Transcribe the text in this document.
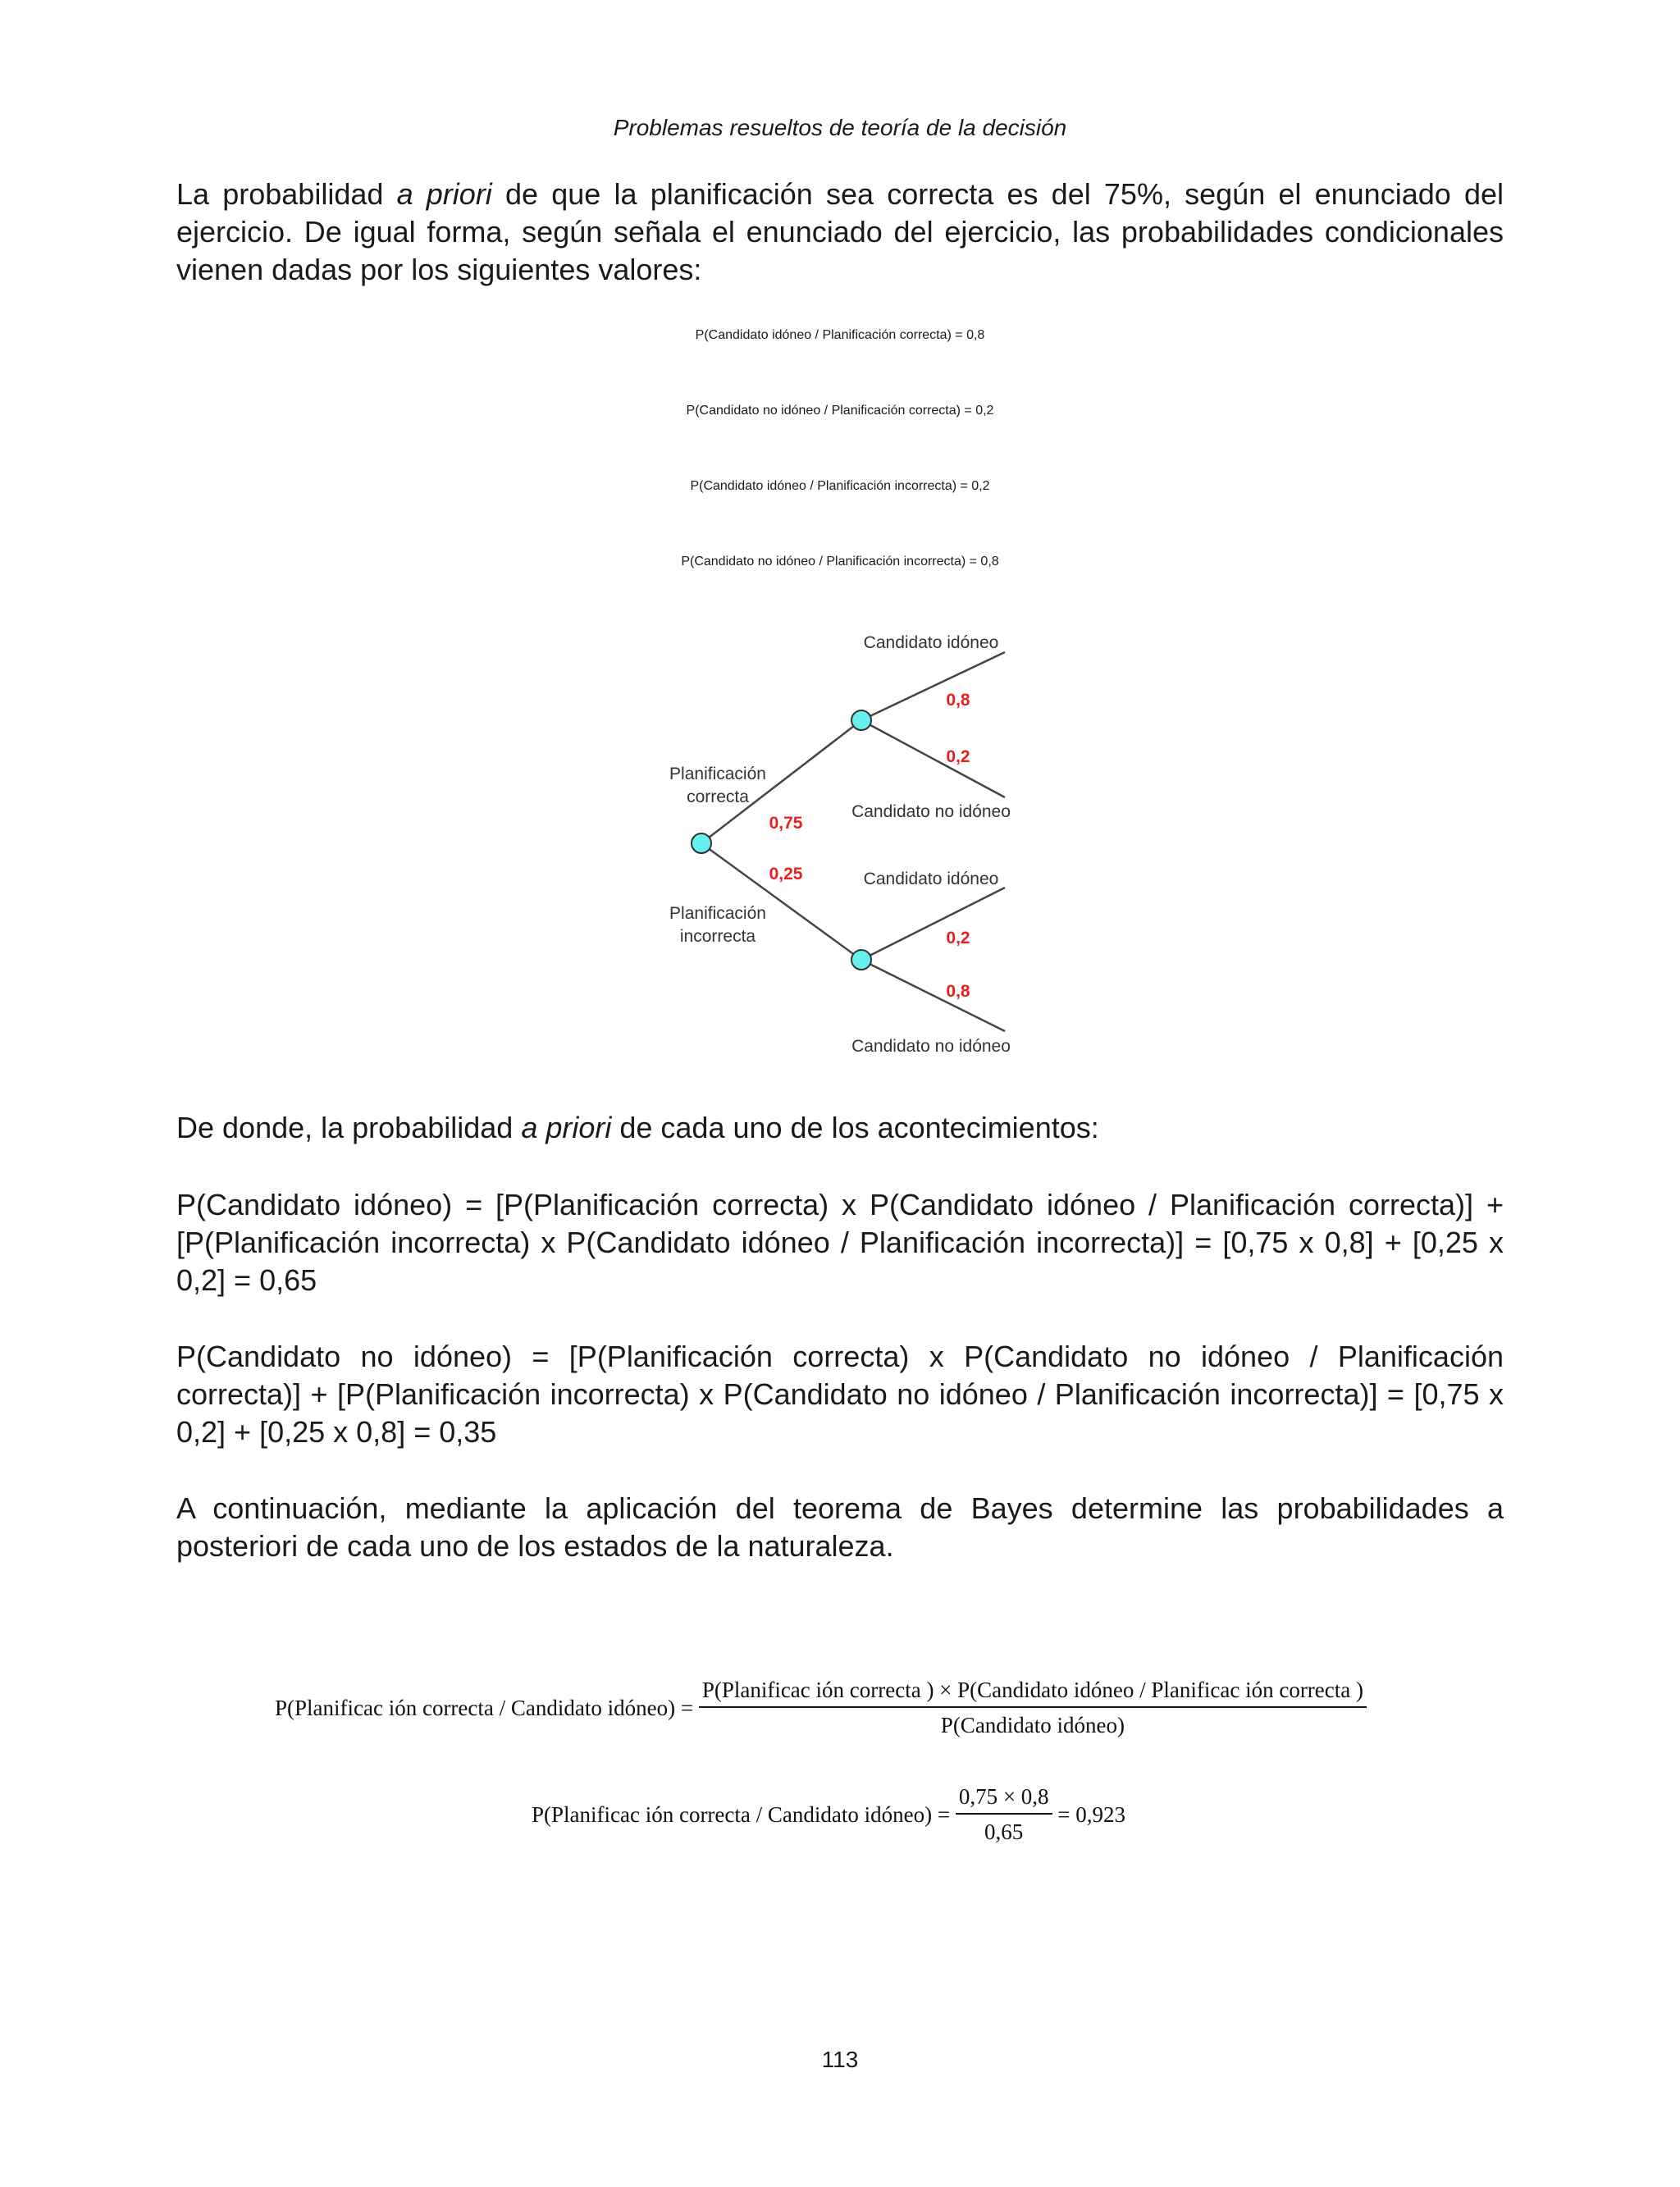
Problemas resueltos de teoría de la decisión
La probabilidad a priori de que la planificación sea correcta es del 75%, según el enunciado del ejercicio. De igual forma, según señala el enunciado del ejercicio, las probabilidades condicionales vienen dadas por los siguientes valores:
P(Candidato idóneo / Planificación correcta) = 0,8
P(Candidato no idóneo / Planificación correcta) = 0,2
P(Candidato idóneo / Planificación incorrecta) = 0,2
P(Candidato no idóneo / Planificación incorrecta) = 0,8
Planificación
correcta
0,75
0,25
Planificación
incorrecta
Candidato idóneo
0,8
0,2
Candidato no idóneo
Candidato idóneo
0,2
0,8
Candidato no idóneo
De donde, la probabilidad a priori de cada uno de los acontecimientos:
P(Candidato idóneo) = [P(Planificación correcta) x P(Candidato idóneo / Planificación correcta)] + [P(Planificación incorrecta) x P(Candidato idóneo / Planificación incorrecta)] = [0,75 x 0,8] + [0,25 x 0,2] = 0,65
P(Candidato no idóneo) = [P(Planificación correcta) x P(Candidato no idóneo / Planificación correcta)] + [P(Planificación incorrecta) x P(Candidato no idóneo / Planificación incorrecta)] = [0,75 x 0,2] + [0,25 x 0,8] = 0,35
A continuación, mediante la aplicación del teorema de Bayes determine las probabilidades a posteriori de cada uno de los estados de la naturaleza.
P(Planificac ión correcta / Candidato idóneo) =
P(Planificac ión correcta ) × P(Candidato idóneo / Planificac ión correcta )
P(Candidato idóneo)
P(Planificac ión correcta / Candidato idóneo) = $\frac{0,75 \times 0,8}{0,65} = 0,923$
113
